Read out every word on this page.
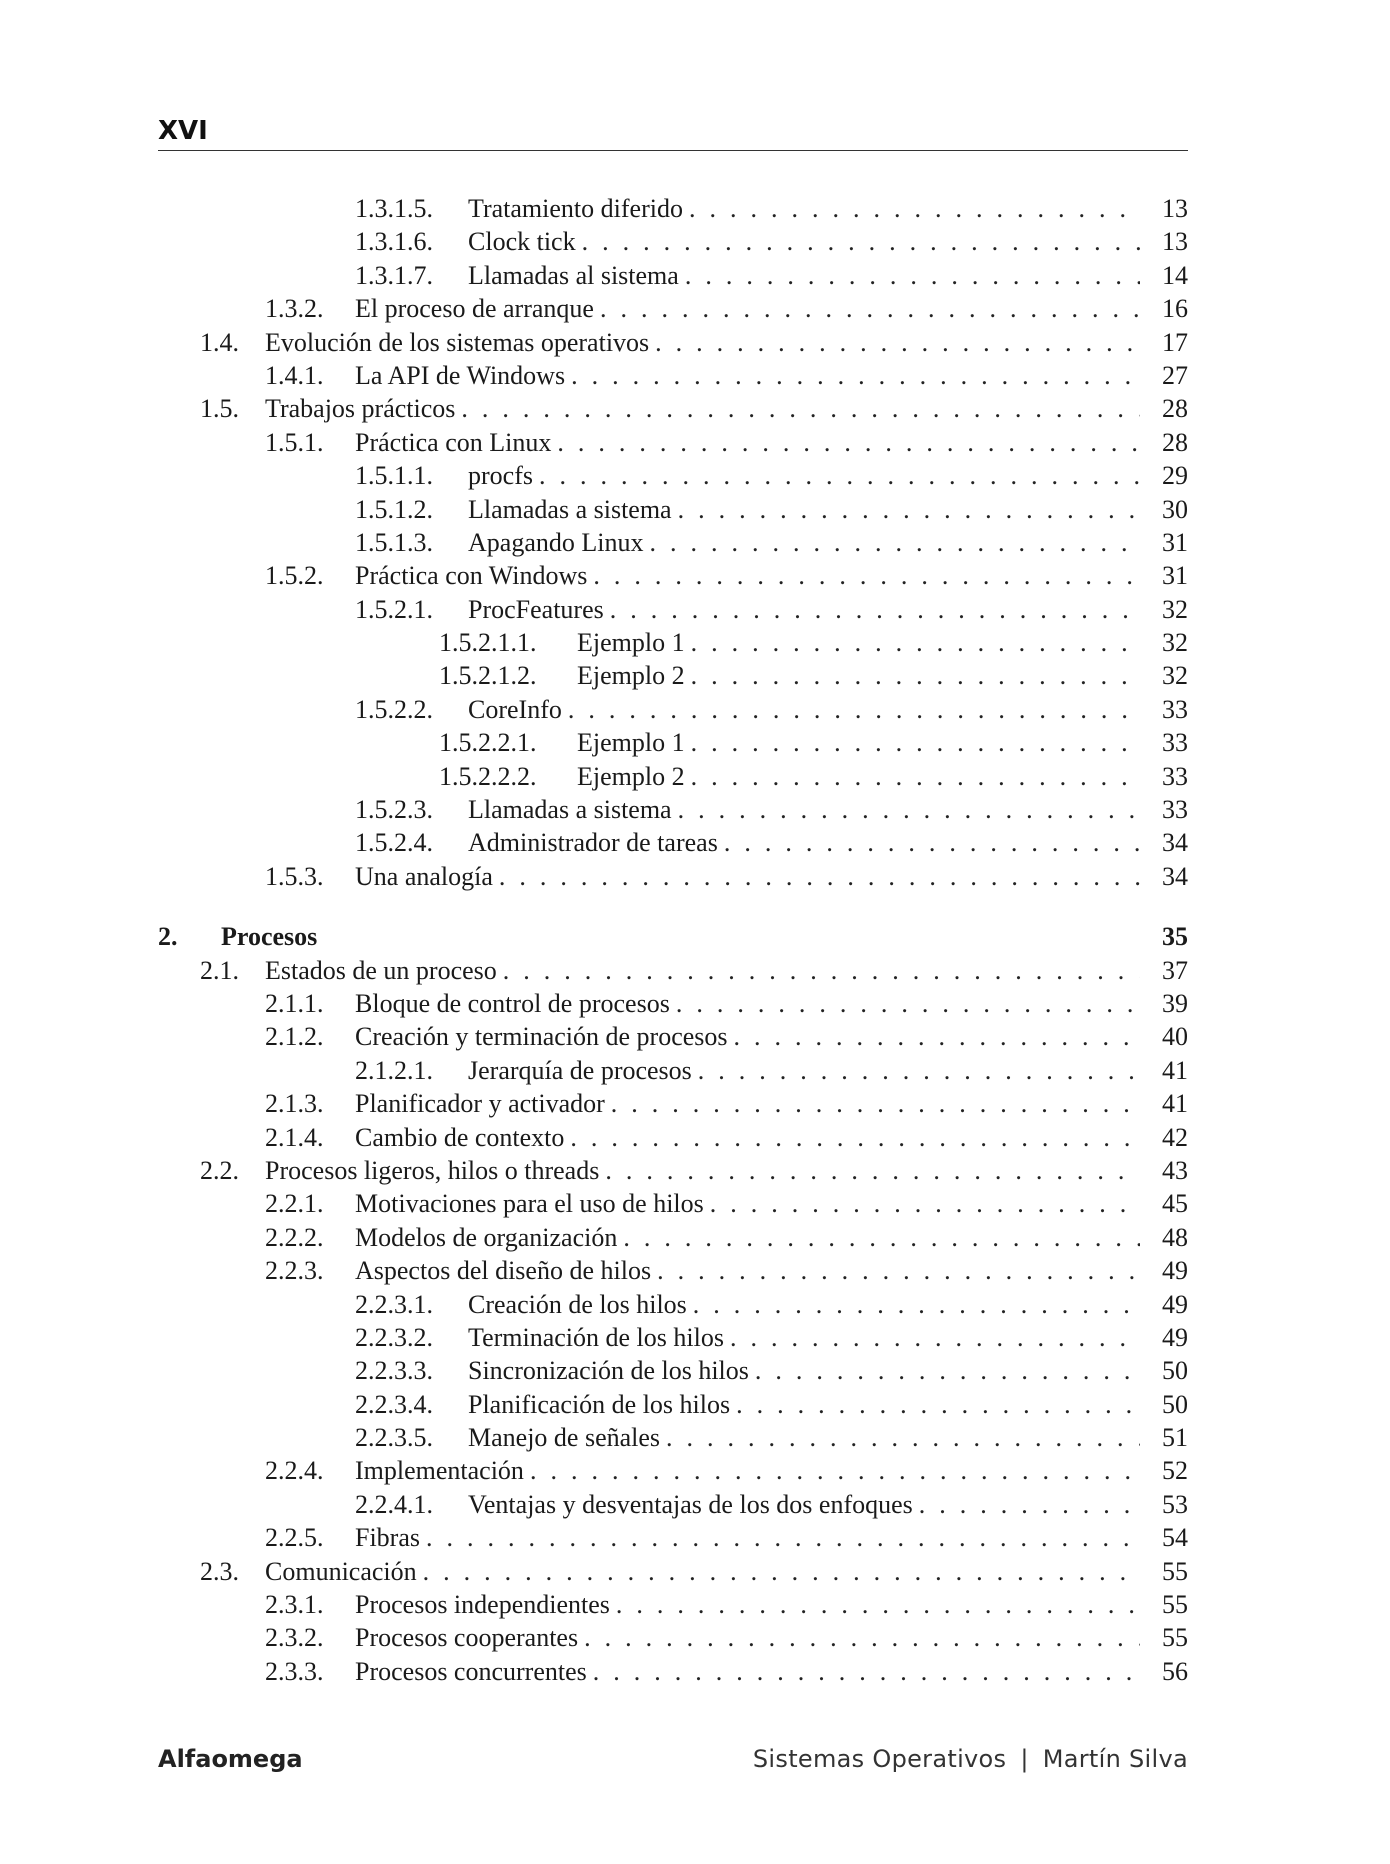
XVI
1.3.1.5.	Tratamiento diferido . . .	13
1.3.1.6.	Clock tick . . .	13
1.3.1.7.	Llamadas al sistema . . .	14
1.3.2.	El proceso de arranque . . .	16
1.4.	Evolución de los sistemas operativos . . .	17
1.4.1.	La API de Windows . . .	27
1.5.	Trabajos prácticos . . .	28
1.5.1.	Práctica con Linux . . .	28
1.5.1.1.	procfs . . .	29
1.5.1.2.	Llamadas a sistema . . .	30
1.5.1.3.	Apagando Linux . . .	31
1.5.2.	Práctica con Windows . . .	31
1.5.2.1.	ProcFeatures . . .	32
1.5.2.1.1.	Ejemplo 1 . . .	32
1.5.2.1.2.	Ejemplo 2 . . .	32
1.5.2.2.	CoreInfo . . .	33
1.5.2.2.1.	Ejemplo 1 . . .	33
1.5.2.2.2.	Ejemplo 2 . . .	33
1.5.2.3.	Llamadas a sistema . . .	33
1.5.2.4.	Administrador de tareas . . .	34
1.5.3.	Una analogía . . .	34
2.	Procesos	35
2.1.	Estados de un proceso . . .	37
2.1.1.	Bloque de control de procesos . . .	39
2.1.2.	Creación y terminación de procesos . . .	40
2.1.2.1.	Jerarquía de procesos . . .	41
2.1.3.	Planificador y activador . . .	41
2.1.4.	Cambio de contexto . . .	42
2.2.	Procesos ligeros, hilos o threads . . .	43
2.2.1.	Motivaciones para el uso de hilos . . .	45
2.2.2.	Modelos de organización . . .	48
2.2.3.	Aspectos del diseño de hilos . . .	49
2.2.3.1.	Creación de los hilos . . .	49
2.2.3.2.	Terminación de los hilos . . .	49
2.2.3.3.	Sincronización de los hilos . . .	50
2.2.3.4.	Planificación de los hilos . . .	50
2.2.3.5.	Manejo de señales . . .	51
2.2.4.	Implementación . . .	52
2.2.4.1.	Ventajas y desventajas de los dos enfoques . . .	53
2.2.5.	Fibras . . .	54
2.3.	Comunicación . . .	55
2.3.1.	Procesos independientes . . .	55
2.3.2.	Procesos cooperantes . . .	55
2.3.3.	Procesos concurrentes . . .	56
Alfaomega	Sistemas Operativos | Martín Silva
